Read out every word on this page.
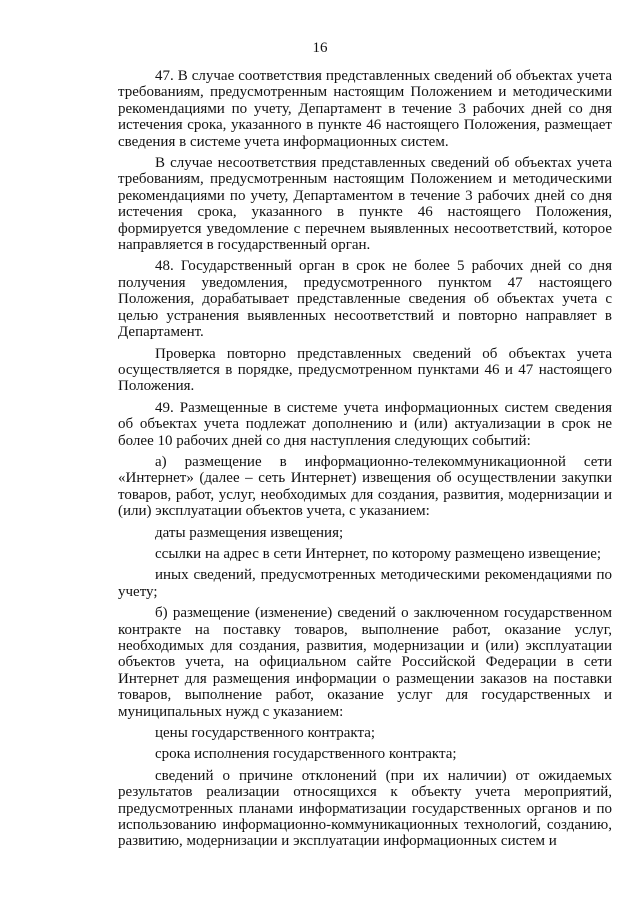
16

47. В случае соответствия представленных сведений об объектах учета требованиям, предусмотренным настоящим Положением и методическими рекомендациями по учету, Департамент в течение 3 рабочих дней со дня истечения срока, указанного в пункте 46 настоящего Положения, размещает сведения в системе учета информационных систем.

В случае несоответствия представленных сведений об объектах учета требованиям, предусмотренным настоящим Положением и методическими рекомендациями по учету, Департаментом в течение 3 рабочих дней со дня истечения срока, указанного в пункте 46 настоящего Положения, формируется уведомление с перечнем выявленных несоответствий, которое направляется в государственный орган.

48. Государственный орган в срок не более 5 рабочих дней со дня получения уведомления, предусмотренного пунктом 47 настоящего Положения, дорабатывает представленные сведения об объектах учета с целью устранения выявленных несоответствий и повторно направляет в Департамент.

Проверка повторно представленных сведений об объектах учета осуществляется в порядке, предусмотренном пунктами 46 и 47 настоящего Положения.

49. Размещенные в системе учета информационных систем сведения об объектах учета подлежат дополнению и (или) актуализации в срок не более 10 рабочих дней со дня наступления следующих событий:

а) размещение в информационно-телекоммуникационной сети «Интернет» (далее – сеть Интернет) извещения об осуществлении закупки товаров, работ, услуг, необходимых для создания, развития, модернизации и (или) эксплуатации объектов учета, с указанием:

даты размещения извещения;

ссылки на адрес в сети Интернет, по которому размещено извещение;

иных сведений, предусмотренных методическими рекомендациями по учету;

б) размещение (изменение) сведений о заключенном государственном контракте на поставку товаров, выполнение работ, оказание услуг, необходимых для создания, развития, модернизации и (или) эксплуатации объектов учета, на официальном сайте Российской Федерации в сети Интернет для размещения информации о размещении заказов на поставки товаров, выполнение работ, оказание услуг для государственных и муниципальных нужд с указанием:

цены государственного контракта;

срока исполнения государственного контракта;

сведений о причине отклонений (при их наличии) от ожидаемых результатов реализации относящихся к объекту учета мероприятий, предусмотренных планами информатизации государственных органов и по использованию информационно-коммуникационных технологий, созданию, развитию, модернизации и эксплуатации информационных систем и
